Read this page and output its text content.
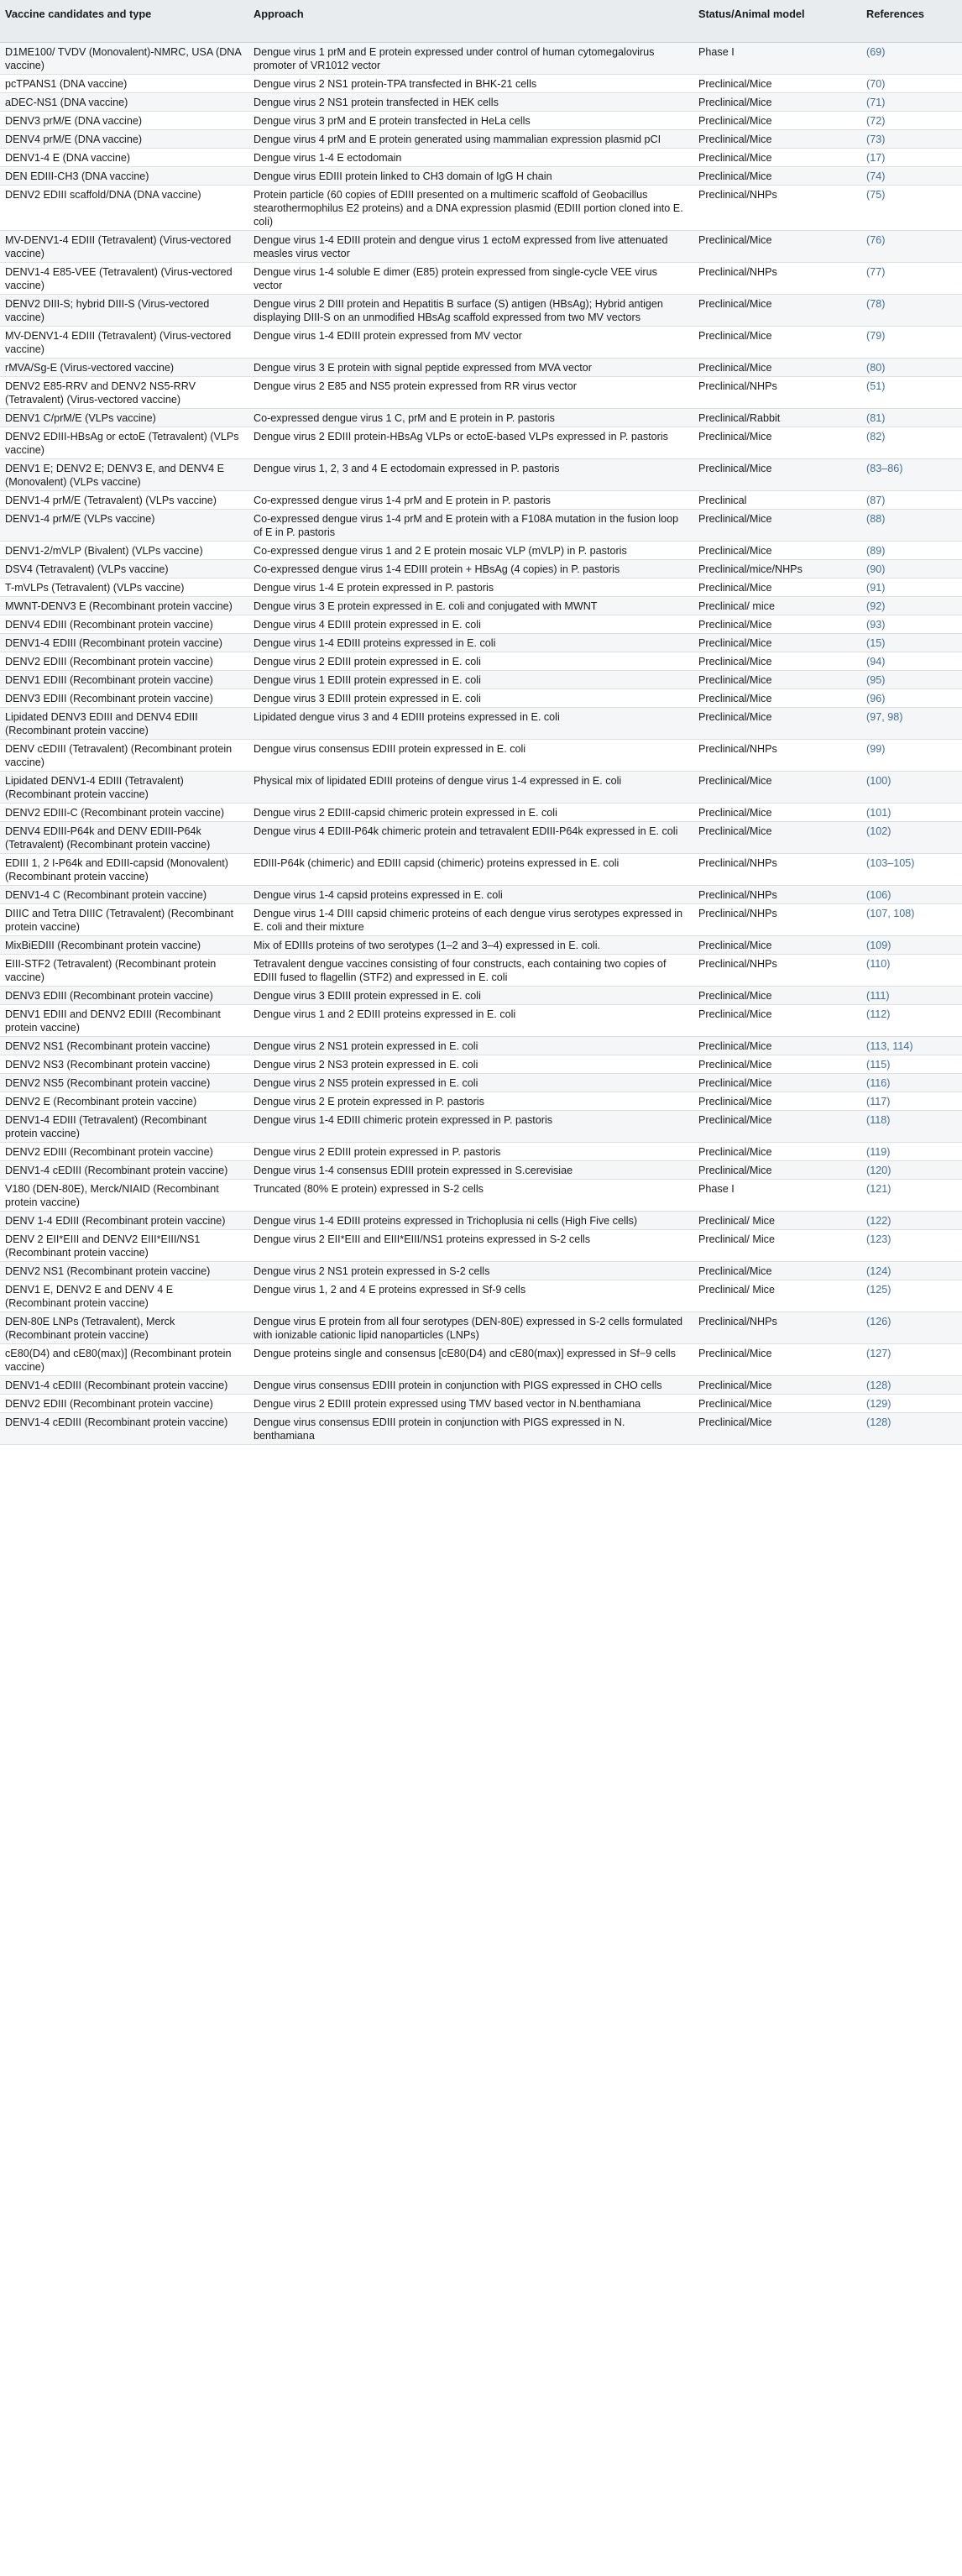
Vaccine candidates and type	Approach	Status/Animal model	References
D1ME100/ TVDV (Monovalent)-NMRC, USA (DNA vaccine)	Dengue virus 1 prM and E protein expressed under control of human cytomegalovirus promoter of VR1012 vector	Phase I	(69)
pcTPANS1 (DNA vaccine)	Dengue virus 2 NS1 protein-TPA transfected in BHK-21 cells	Preclinical/Mice	(70)
aDEC-NS1 (DNA vaccine)	Dengue virus 2 NS1 protein transfected in HEK cells	Preclinical/Mice	(71)
DENV3 prM/E (DNA vaccine)	Dengue virus 3 prM and E protein transfected in HeLa cells	Preclinical/Mice	(72)
DENV4 prM/E (DNA vaccine)	Dengue virus 4 prM and E protein generated using mammalian expression plasmid pCI	Preclinical/Mice	(73)
DENV1-4 E (DNA vaccine)	Dengue virus 1-4 E ectodomain	Preclinical/Mice	(17)
DEN EDIII-CH3 (DNA vaccine)	Dengue virus EDIII protein linked to CH3 domain of IgG H chain	Preclinical/Mice	(74)
DENV2 EDIII scaffold/DNA (DNA vaccine)	Protein particle (60 copies of EDIII presented on a multimeric scaffold of Geobacillus stearothermophilus E2 proteins) and a DNA expression plasmid (EDIII portion cloned into E. coli)	Preclinical/NHPs	(75)
MV-DENV1-4 EDIII (Tetravalent) (Virus-vectored vaccine)	Dengue virus 1-4 EDIII protein and dengue virus 1 ectoM expressed from live attenuated measles virus vector	Preclinical/Mice	(76)
DENV1-4 E85-VEE (Tetravalent) (Virus-vectored vaccine)	Dengue virus 1-4 soluble E dimer (E85) protein expressed from single-cycle VEE virus vector	Preclinical/NHPs	(77)
DENV2 DIII-S; hybrid DIII-S (Virus-vectored vaccine)	Dengue virus 2 DIII protein and Hepatitis B surface (S) antigen (HBsAg); Hybrid antigen displaying DIII-S on an unmodified HBsAg scaffold expressed from two MV vectors	Preclinical/Mice	(78)
MV-DENV1-4 EDIII (Tetravalent) (Virus-vectored vaccine)	Dengue virus 1-4 EDIII protein expressed from MV vector	Preclinical/Mice	(79)
rMVA/Sg-E (Virus-vectored vaccine)	Dengue virus 3 E protein with signal peptide expressed from MVA vector	Preclinical/Mice	(80)
DENV2 E85-RRV and DENV2 NS5-RRV (Tetravalent) (Virus-vectored vaccine)	Dengue virus 2 E85 and NS5 protein expressed from RR virus vector	Preclinical/NHPs	(51)
DENV1 C/prM/E (VLPs vaccine)	Co-expressed dengue virus 1 C, prM and E protein in P. pastoris	Preclinical/Rabbit	(81)
DENV2 EDIII-HBsAg or ectoE (Tetravalent) (VLPs vaccine)	Dengue virus 2 EDIII protein-HBsAg VLPs or ectoE-based VLPs expressed in P. pastoris	Preclinical/Mice	(82)
DENV1 E; DENV2 E; DENV3 E, and DENV4 E (Monovalent) (VLPs vaccine)	Dengue virus 1, 2, 3 and 4 E ectodomain expressed in P. pastoris	Preclinical/Mice	(83–86)
DENV1-4 prM/E (Tetravalent) (VLPs vaccine)	Co-expressed dengue virus 1-4 prM and E protein in P. pastoris	Preclinical	(87)
DENV1-4 prM/E (VLPs vaccine)	Co-expressed dengue virus 1-4 prM and E protein with a F108A mutation in the fusion loop of E in P. pastoris	Preclinical/Mice	(88)
DENV1-2/mVLP (Bivalent) (VLPs vaccine)	Co-expressed dengue virus 1 and 2 E protein mosaic VLP (mVLP) in P. pastoris	Preclinical/Mice	(89)
DSV4 (Tetravalent) (VLPs vaccine)	Co-expressed dengue virus 1-4 EDIII protein + HBsAg (4 copies) in P. pastoris	Preclinical/mice/NHPs	(90)
T-mVLPs (Tetravalent) (VLPs vaccine)	Dengue virus 1-4 E protein expressed in P. pastoris	Preclinical/Mice	(91)
MWNT-DENV3 E (Recombinant protein vaccine)	Dengue virus 3 E protein expressed in E. coli and conjugated with MWNT	Preclinical/ mice	(92)
DENV4 EDIII (Recombinant protein vaccine)	Dengue virus 4 EDIII protein expressed in E. coli	Preclinical/Mice	(93)
DENV1-4 EDIII (Recombinant protein vaccine)	Dengue virus 1-4 EDIII proteins expressed in E. coli	Preclinical/Mice	(15)
DENV2 EDIII (Recombinant protein vaccine)	Dengue virus 2 EDIII protein expressed in E. coli	Preclinical/Mice	(94)
DENV1 EDIII (Recombinant protein vaccine)	Dengue virus 1 EDIII protein expressed in E. coli	Preclinical/Mice	(95)
DENV3 EDIII (Recombinant protein vaccine)	Dengue virus 3 EDIII protein expressed in E. coli	Preclinical/Mice	(96)
Lipidated DENV3 EDIII and DENV4 EDIII (Recombinant protein vaccine)	Lipidated dengue virus 3 and 4 EDIII proteins expressed in E. coli	Preclinical/Mice	(97, 98)
DENV cEDIII (Tetravalent) (Recombinant protein vaccine)	Dengue virus consensus EDIII protein expressed in E. coli	Preclinical/NHPs	(99)
Lipidated DENV1-4 EDIII (Tetravalent) (Recombinant protein vaccine)	Physical mix of lipidated EDIII proteins of dengue virus 1-4 expressed in E. coli	Preclinical/Mice	(100)
DENV2 EDIII-C (Recombinant protein vaccine)	Dengue virus 2 EDIII-capsid chimeric protein expressed in E. coli	Preclinical/Mice	(101)
DENV4 EDIII-P64k and DENV EDIII-P64k (Tetravalent) (Recombinant protein vaccine)	Dengue virus 4 EDIII-P64k chimeric protein and tetravalent EDIII-P64k expressed in E. coli	Preclinical/Mice	(102)
EDIII 1, 2 I-P64k and EDIII-capsid (Monovalent) (Recombinant protein vaccine)	EDIII-P64k (chimeric) and EDIII capsid (chimeric) proteins expressed in E. coli	Preclinical/NHPs	(103–105)
DENV1-4 C (Recombinant protein vaccine)	Dengue virus 1-4 capsid proteins expressed in E. coli	Preclinical/NHPs	(106)
DIIIC and Tetra DIIIC (Tetravalent) (Recombinant protein vaccine)	Dengue virus 1-4 DIII capsid chimeric proteins of each dengue virus serotypes expressed in E. coli and their mixture	Preclinical/NHPs	(107, 108)
MixBiEDIII (Recombinant protein vaccine)	Mix of EDIIIs proteins of two serotypes (1–2 and 3–4) expressed in E. coli.	Preclinical/Mice	(109)
EIII-STF2 (Tetravalent) (Recombinant protein vaccine)	Tetravalent dengue vaccines consisting of four constructs, each containing two copies of EDIII fused to flagellin (STF2) and expressed in E. coli	Preclinical/NHPs	(110)
DENV3 EDIII (Recombinant protein vaccine)	Dengue virus 3 EDIII protein expressed in E. coli	Preclinical/Mice	(111)
DENV1 EDIII and DENV2 EDIII (Recombinant protein vaccine)	Dengue virus 1 and 2 EDIII proteins expressed in E. coli	Preclinical/Mice	(112)
DENV2 NS1 (Recombinant protein vaccine)	Dengue virus 2 NS1 protein expressed in E. coli	Preclinical/Mice	(113, 114)
DENV2 NS3 (Recombinant protein vaccine)	Dengue virus 2 NS3 protein expressed in E. coli	Preclinical/Mice	(115)
DENV2 NS5 (Recombinant protein vaccine)	Dengue virus 2 NS5 protein expressed in E. coli	Preclinical/Mice	(116)
DENV2 E (Recombinant protein vaccine)	Dengue virus 2 E protein expressed in P. pastoris	Preclinical/Mice	(117)
DENV1-4 EDIII (Tetravalent) (Recombinant protein vaccine)	Dengue virus 1-4 EDIII chimeric protein expressed in P. pastoris	Preclinical/Mice	(118)
DENV2 EDIII (Recombinant protein vaccine)	Dengue virus 2 EDIII protein expressed in P. pastoris	Preclinical/Mice	(119)
DENV1-4 cEDIII (Recombinant protein vaccine)	Dengue virus 1-4 consensus EDIII protein expressed in S.cerevisiae	Preclinical/Mice	(120)
V180 (DEN-80E), Merck/NIAID (Recombinant protein vaccine)	Truncated (80% E protein) expressed in S-2 cells	Phase I	(121)
DENV 1-4 EDIII (Recombinant protein vaccine)	Dengue virus 1-4 EDIII proteins expressed in Trichoplusia ni cells (High Five cells)	Preclinical/ Mice	(122)
DENV 2 EII*EIII and DENV2 EIII*EIII/NS1 (Recombinant protein vaccine)	Dengue virus 2 EII*EIII and EIII*EIII/NS1 proteins expressed in S-2 cells	Preclinical/ Mice	(123)
DENV2 NS1 (Recombinant protein vaccine)	Dengue virus 2 NS1 protein expressed in S-2 cells	Preclinical/Mice	(124)
DENV1 E, DENV2 E and DENV 4 E (Recombinant protein vaccine)	Dengue virus 1, 2 and 4 E proteins expressed in Sf-9 cells	Preclinical/ Mice	(125)
DEN-80E LNPs (Tetravalent), Merck (Recombinant protein vaccine)	Dengue virus E protein from all four serotypes (DEN-80E) expressed in S-2 cells formulated with ionizable cationic lipid nanoparticles (LNPs)	Preclinical/NHPs	(126)
cE80(D4) and cE80(max)] (Recombinant protein vaccine)	Dengue proteins single and consensus [cE80(D4) and cE80(max)] expressed in Sf−9 cells	Preclinical/Mice	(127)
DENV1-4 cEDIII (Recombinant protein vaccine)	Dengue virus consensus EDIII protein in conjunction with PIGS expressed in CHO cells	Preclinical/Mice	(128)
DENV2 EDIII (Recombinant protein vaccine)	Dengue virus 2 EDIII protein expressed using TMV based vector in N.benthamiana	Preclinical/Mice	(129)
DENV1-4 cEDIII (Recombinant protein vaccine)	Dengue virus consensus EDIII protein in conjunction with PIGS expressed in N. benthamiana	Preclinical/Mice	(128)
